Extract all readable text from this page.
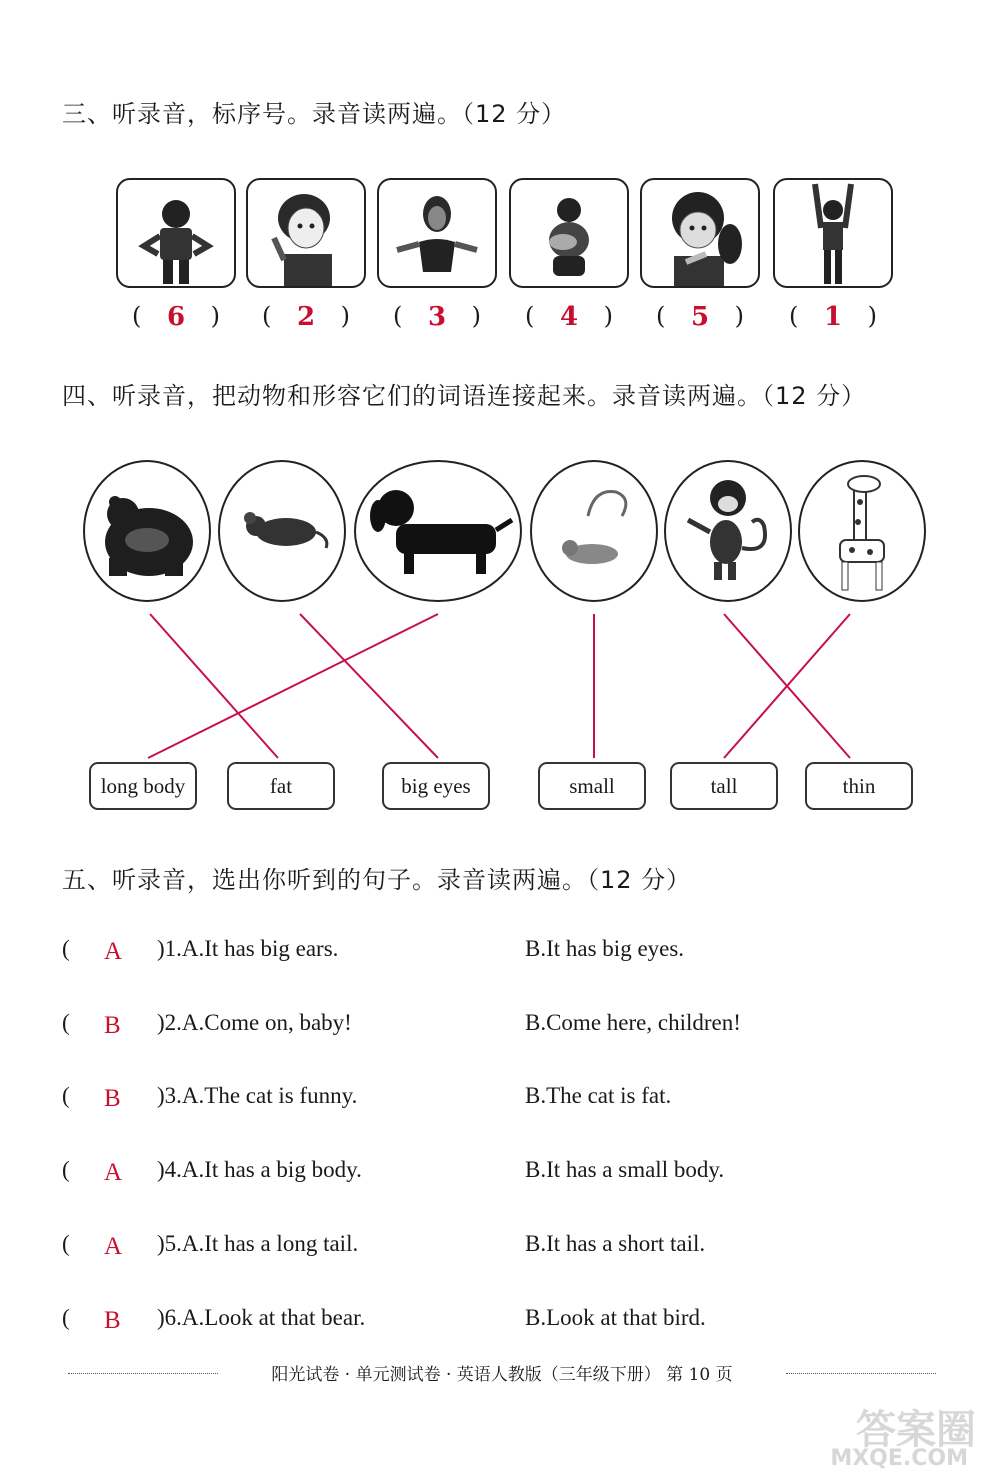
三、听录音，标序号。录音读两遍。（12 分）
( 6 ) ( 2 ) ( 3 ) ( 4 ) ( 5 ) ( 1 )
四、听录音，把动物和形容它们的词语连接起来。录音读两遍。（12 分）
long body	fat	big eyes	small	tall	thin
五、听录音，选出你听到的句子。录音读两遍。（12 分）
( A )1.A.It has big ears.	B.It has big eyes.
( B )2.A.Come on, baby!	B.Come here, children!
( B )3.A.The cat is funny.	B.The cat is fat.
( A )4.A.It has a big body.	B.It has a small body.
( A )5.A.It has a long tail.	B.It has a short tail.
( B )6.A.Look at that bear.	B.Look at that bird.
阳光试卷 · 单元测试卷 · 英语人教版（三年级下册） 第 10 页
答案圈
MXQE.COM
